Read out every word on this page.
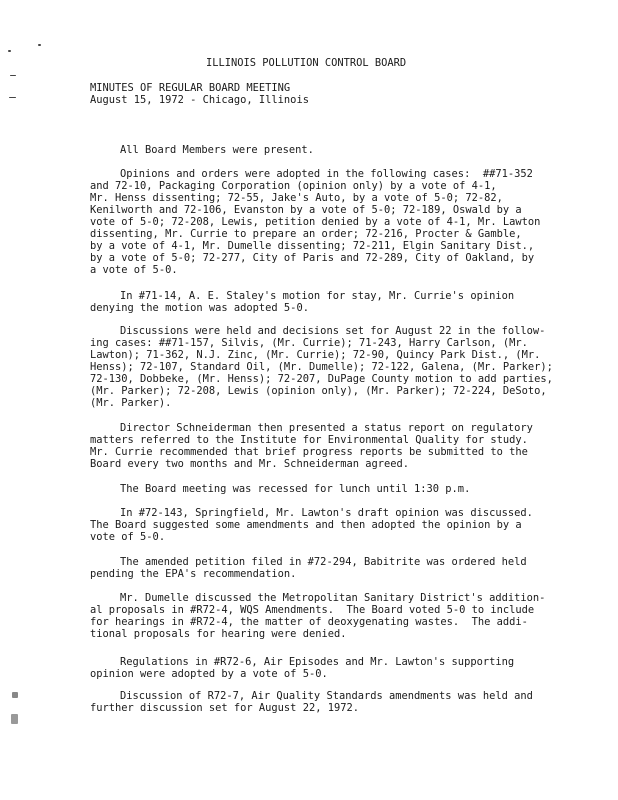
ILLINOIS POLLUTION CONTROL BOARD
MINUTES OF REGULAR BOARD MEETING
August 15, 1972 - Chicago, Illinois
All Board Members were present.
Opinions and orders were adopted in the following cases:  ##71-352
and 72-10, Packaging Corporation (opinion only) by a vote of 4-1,
Mr. Henss dissenting; 72-55, Jake's Auto, by a vote of 5-0; 72-82,
Kenilworth and 72-106, Evanston by a vote of 5-0; 72-189, Oswald by a
vote of 5-0; 72-208, Lewis, petition denied by a vote of 4-1, Mr. Lawton
dissenting, Mr. Currie to prepare an order; 72-216, Procter & Gamble,
by a vote of 4-1, Mr. Dumelle dissenting; 72-211, Elgin Sanitary Dist.,
by a vote of 5-0; 72-277, City of Paris and 72-289, City of Oakland, by
a vote of 5-0.
In #71-14, A. E. Staley's motion for stay, Mr. Currie's opinion
denying the motion was adopted 5-0.
Discussions were held and decisions set for August 22 in the follow-
ing cases: ##71-157, Silvis, (Mr. Currie); 71-243, Harry Carlson, (Mr.
Lawton); 71-362, N.J. Zinc, (Mr. Currie); 72-90, Quincy Park Dist., (Mr.
Henss); 72-107, Standard Oil, (Mr. Dumelle); 72-122, Galena, (Mr. Parker);
72-130, Dobbeke, (Mr. Henss); 72-207, DuPage County motion to add parties,
(Mr. Parker); 72-208, Lewis (opinion only), (Mr. Parker); 72-224, DeSoto,
(Mr. Parker).
Director Schneiderman then presented a status report on regulatory
matters referred to the Institute for Environmental Quality for study.
Mr. Currie recommended that brief progress reports be submitted to the
Board every two months and Mr. Schneiderman agreed.
The Board meeting was recessed for lunch until 1:30 p.m.
In #72-143, Springfield, Mr. Lawton's draft opinion was discussed.
The Board suggested some amendments and then adopted the opinion by a
vote of 5-0.
The amended petition filed in #72-294, Babitrite was ordered held
pending the EPA's recommendation.
Mr. Dumelle discussed the Metropolitan Sanitary District's addition-
al proposals in #R72-4, WQS Amendments.  The Board voted 5-0 to include
for hearings in #R72-4, the matter of deoxygenating wastes.  The addi-
tional proposals for hearing were denied.
Regulations in #R72-6, Air Episodes and Mr. Lawton's supporting
opinion were adopted by a vote of 5-0.
Discussion of R72-7, Air Quality Standards amendments was held and
further discussion set for August 22, 1972.
